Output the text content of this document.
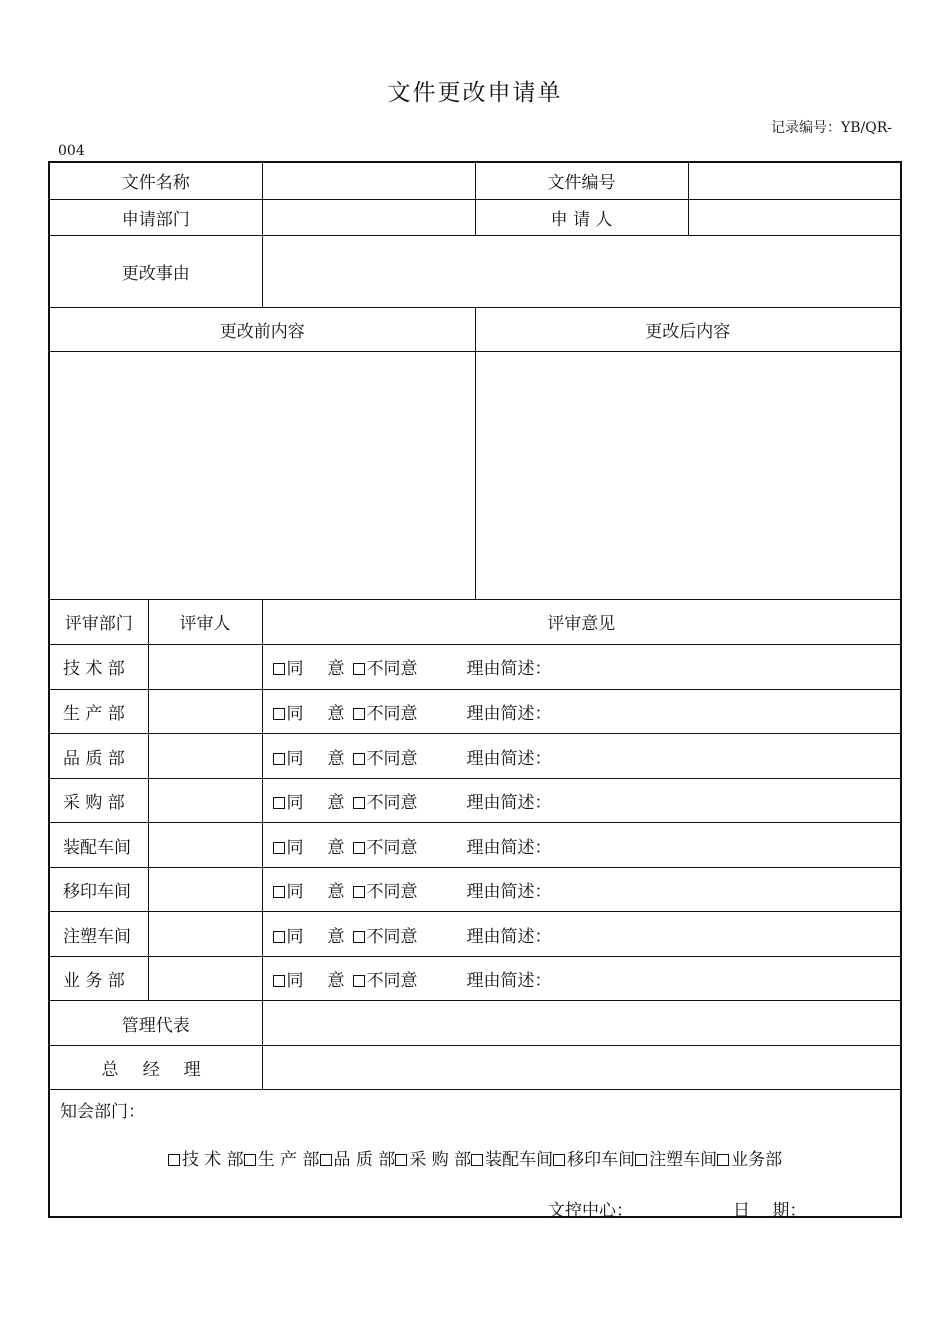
文件更改申请单
记录编号：YB/QR-
004
文件名称			文件编号	
申请部门			申 请 人	
更改事由				
更改前内容			更改后内容	

评审部门	评审人	评审意见		
技 术 部		同 意 不同意 理由简述：		
生 产 部		同 意 不同意 理由简述：		
品 质 部		同 意 不同意 理由简述：		
采 购 部		同 意 不同意 理由简述：		
装配车间		同 意 不同意 理由简述：		
移印车间		同 意 不同意 理由简述：		
注塑车间		同 意 不同意 理由简述：		
业 务 部		同 意 不同意 理由简述：		
管理代表				
总 经 理				

知会部门：
技 术 部 生 产 部 品 质 部 采 购 部 装配车间 移印车间 注塑车间 业务部
文控中心： 日　 期：				
